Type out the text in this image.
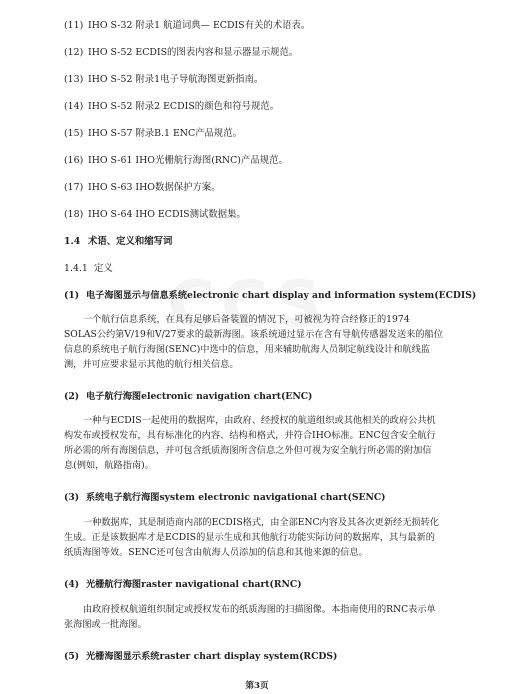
(11) IHO S-32 附录1 航道词典— ECDIS有关的术语表。
(12) IHO S-52 ECDIS的图表内容和显示器显示规范。
(13) IHO S-52 附录1电子导航海图更新指南。
(14) IHO S-52 附录2 ECDIS的颜色和符号规范。
(15) IHO S-57 附录B.1 ENC产品规范。
(16) IHO S-61 IHO光栅航行海图(RNC)产品规范。
(17) IHO S-63 IHO数据保护方案。
(18) IHO S-64 IHO ECDIS测试数据集。
1.4 术语、定义和缩写词
1.4.1 定义
(1) 电子海图显示与信息系统electronic chart display and information system(ECDIS)
一个航行信息系统，在具有足够后备装置的情况下，可被视为符合经修正的1974
SOLAS公约第V/19和V/27要求的最新海图。该系统通过显示在含有导航传感器发送来的船位
信息的系统电子航行海图(SENC)中选中的信息，用来辅助航海人员制定航线设计和航线监
测，并可应要求显示其他的航行相关信息。
(2) 电子航行海图electronic navigation chart(ENC)
一种与ECDIS一起使用的数据库，由政府、经授权的航道组织或其他相关的政府公共机
构发布或授权发布，具有标准化的内容、结构和格式，并符合IHO标准。ENC包含安全航行
所必需的所有海图信息，并可包含纸质海图所含信息之外但可视为安全航行所必需的附加信
息(例如，航路指南)。
(3) 系统电子航行海图system electronic navigational chart(SENC)
一种数据库，其是制造商内部的ECDIS格式，由全部ENC内容及其各次更新经无损转化
生成。正是该数据库才是ECDIS的显示生成和其他航行功能实际访问的数据库，其与最新的
纸质海图等效。SENC还可包含由航海人员添加的信息和其他来源的信息。
(4) 光栅航行海图raster navigational chart(RNC)
由政府授权航道组织制定或授权发布的纸质海图的扫描图像。本指南使用的RNC表示单
张海图或一批海图。
(5) 光栅海图显示系统raster chart display system(RCDS)
第3页
